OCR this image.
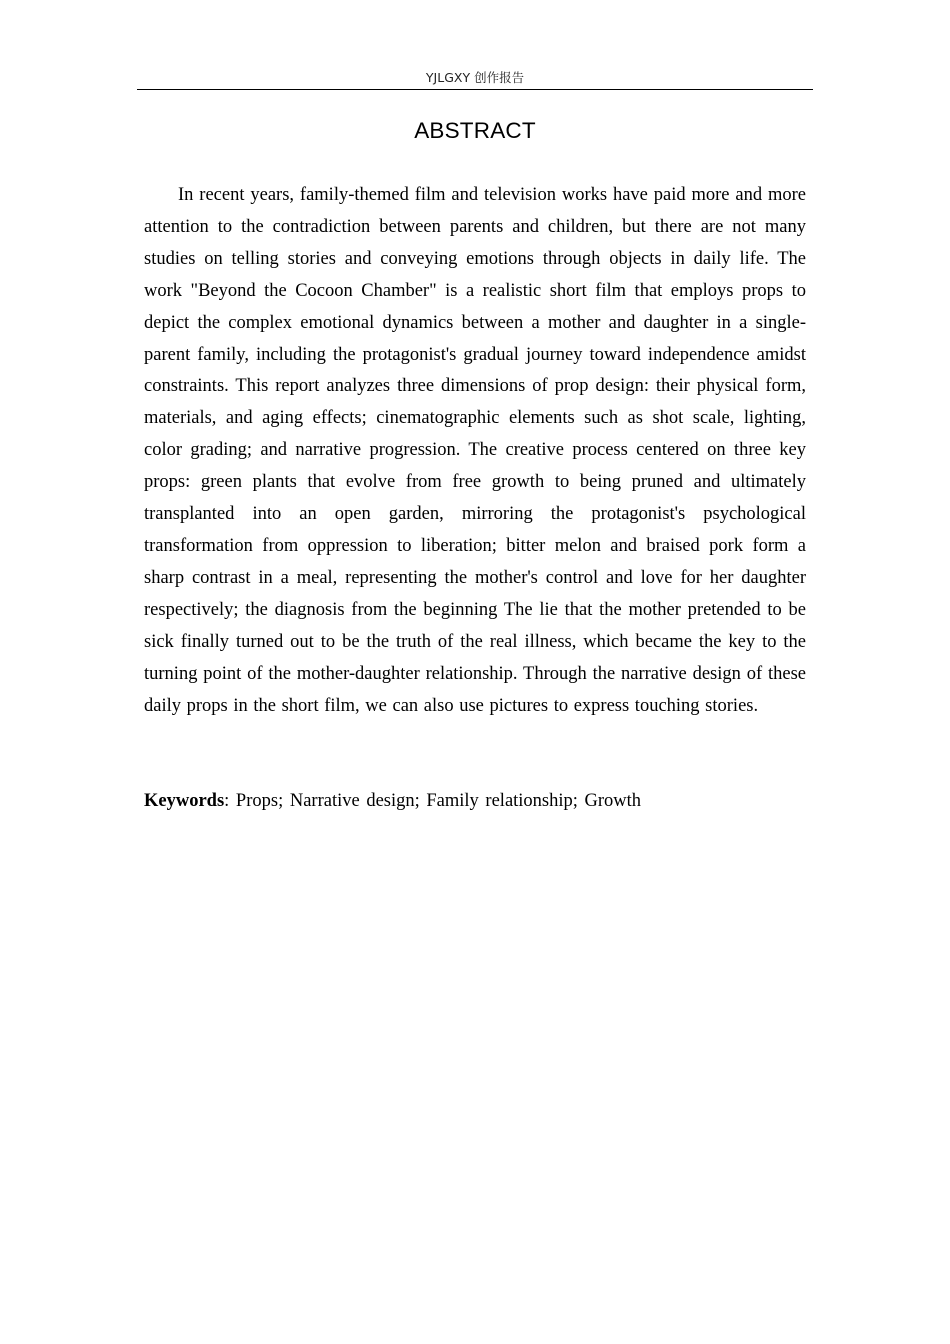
YJLGXY 创作报告
ABSTRACT

In recent years, family-themed film and television works have paid more and more attention to the contradiction between parents and children, but there are not many studies on telling stories and conveying emotions through objects in daily life. The work "Beyond the Cocoon Chamber" is a realistic short film that employs props to depict the complex emotional dynamics between a mother and daughter in a single-parent family, including the protagonist's gradual journey toward independence amidst constraints. This report analyzes three dimensions of prop design: their physical form, materials, and aging effects; cinematographic elements such as shot scale, lighting, color grading; and narrative progression. The creative process centered on three key props: green plants that evolve from free growth to being pruned and ultimately transplanted into an open garden, mirroring the protagonist's psychological transformation from oppression to liberation; bitter melon and braised pork form a sharp contrast in a meal, representing the mother's control and love for her daughter respectively; the diagnosis from the beginning The lie that the mother pretended to be sick finally turned out to be the truth of the real illness, which became the key to the turning point of the mother-daughter relationship. Through the narrative design of these daily props in the short film, we can also use pictures to express touching stories.

Keywords: Props; Narrative design; Family relationship; Growth
